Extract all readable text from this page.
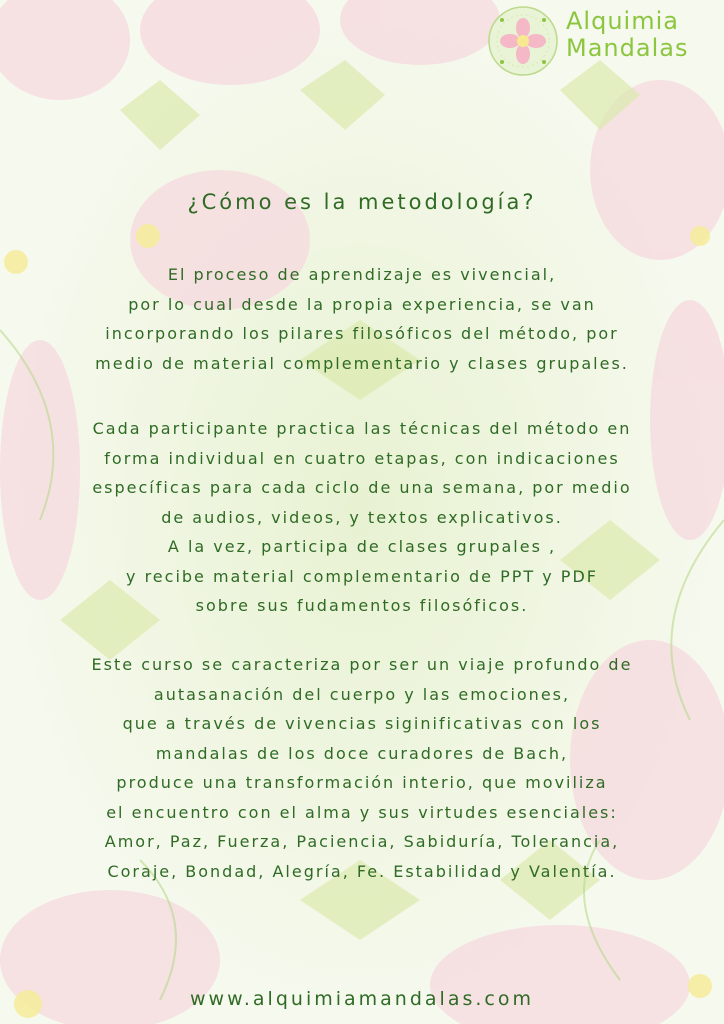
Alquimia
Mandalas
¿Cómo es la metodología?
El proceso de aprendizaje es vivencial,
por lo cual desde la propia experiencia, se van
incorporando los pilares filosóficos del método, por
medio de material complementario y clases grupales.
Cada participante practica las técnicas del método en
forma individual en cuatro etapas, con indicaciones
específicas para cada ciclo de una semana, por medio
de audios, videos, y textos explicativos.
A la vez, participa de clases grupales ,
y recibe material complementario de PPT y PDF
sobre sus fudamentos filosóficos.
Este curso se caracteriza por ser un viaje profundo de
autasanación del cuerpo y las emociones,
que a través de vivencias siginificativas con los
mandalas de los doce curadores de Bach,
produce una transformación interio, que moviliza
el encuentro con el alma y sus virtudes esenciales:
Amor, Paz, Fuerza, Paciencia, Sabiduría, Tolerancia,
Coraje, Bondad, Alegría, Fe. Estabilidad y Valentía.
www.alquimiamandalas.com
